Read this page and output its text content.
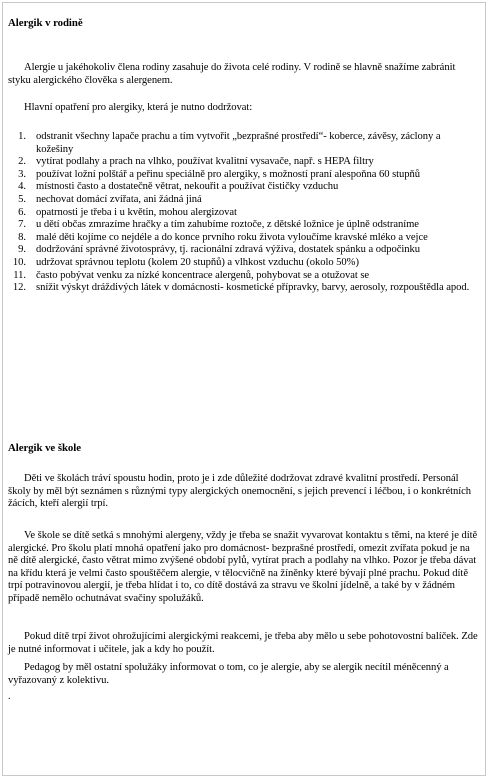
Alergik v rodině

Alergie u jakéhokoliv člena rodiny zasahuje do života celé rodiny. V rodině se hlavně snažíme zabránit styku alergického člověka s alergenem.

Hlavní opatření pro alergiky, která je nutno dodržovat:

1. odstranit všechny lapače prachu a tím vytvořit „bezprašné prostředí“- koberce, závěsy, záclony a kožešiny
2. vytírat podlahy a prach na vlhko, používat kvalitní vysavače, např. s HEPA filtry
3. používat ložní polštář a peřinu speciálně pro alergiky, s možností praní alespoňna 60 stupňů
4. místnosti často a dostatečně větrat, nekouřit a používat čističky vzduchu
5. nechovat domácí zvířata, ani žádná jiná
6. opatrnosti je třeba i u květin, mohou alergizovat
7. u dětí občas zmrazíme hračky a tím zahubíme roztoče, z dětské ložnice je úplně odstraníme
8. malé děti kojíme co nejdéle a do konce prvního roku života vyloučíme kravské mléko a vejce
9. dodržování správné životosprávy, tj. racionální zdravá výživa, dostatek spánku a odpočinku
10. udržovat správnou teplotu (kolem 20 stupňů) a vlhkost vzduchu (okolo 50%)
11. často pobývat venku za nízké koncentrace alergenů, pohybovat se a otužovat se
12. snížit výskyt dráždivých látek v domácnosti- kosmetické přípravky, barvy, aerosoly, rozpouštědla apod.
Alergik ve škole

Děti ve školách tráví spoustu hodin, proto je i zde důležité dodržovat zdravé kvalitní prostředí. Personál školy by měl být seznámen s různými typy alergických onemocnění, s jejich prevencí i léčbou, i o konkrétních žácích, kteří alergií trpí.

Ve škole se dítě setká s mnohými alergeny, vždy je třeba se snažit vyvarovat kontaktu s těmi, na které je dítě alergické. Pro školu platí mnohá opatření jako pro domácnost- bezprašné prostředí, omezit zvířata pokud je na ně dítě alergické, často větrat mimo zvýšené období pylů, vytírat prach a podlahy na vlhko. Pozor je třeba dávat na křídu která je velmi často spouštěčem alergie, v tělocvičně na žíněnky které bývají plné prachu. Pokud dítě trpí potravinovou alergií, je třeba hlídat i to, co dítě dostává za stravu ve školní jídelně, a také by v žádném případě nemělo ochutnávat svačiny spolužáků.

Pokud dítě trpí život ohrožujícími alergickými reakcemi, je třeba aby mělo u sebe pohotovostní balíček. Zde je nutné informovat i učitele, jak a kdy ho použít.

Pedagog by měl ostatní spolužáky informovat o tom, co je alergie, aby se alergik necítil méněcenný a vyřazovaný z kolektivu.

.
